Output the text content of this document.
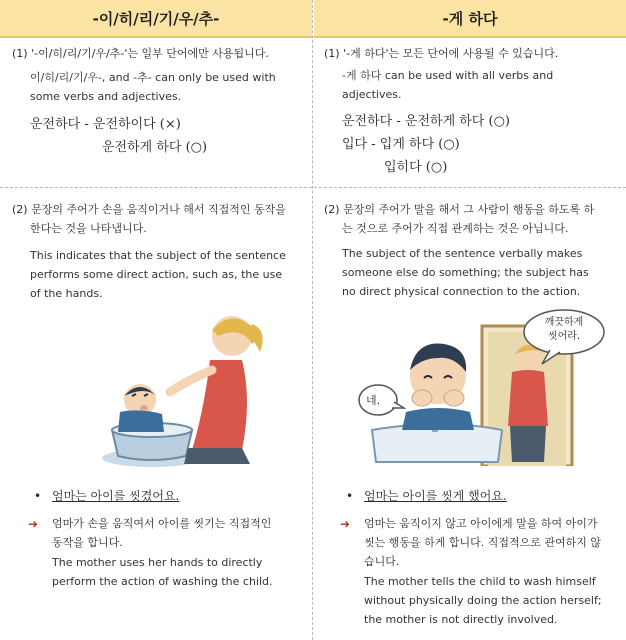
-이/히/리/기/우/추-	-게 하다
(1) '-이/히/리/기/우/추-'는 일부 단어에만 사용됩니다.
이/히/리/기/우-, and -추- can only be used with
some verbs and adjectives.
운전하다 - 운전하이다 (×)
운전하게 하다 (○)
(1) '-게 하다'는 모든 단어에 사용될 수 있습니다.
-게 하다 can be used with all verbs and
adjectives.
운전하다 - 운전하게 하다 (○)
입다 - 입게 하다 (○)
입히다 (○)
(2) 문장의 주어가 손을 움직이거나 해서 직접적인 동작을
한다는 것을 나타냅니다.
This indicates that the subject of the sentence
performs some direct action, such as, the use
of the hands.
• 엄마는 아이를 씻겼어요.
➜ 엄마가 손을 움직여서 아이를 씻기는 직접적인
동작을 합니다.
The mother uses her hands to directly
perform the action of washing the child.
(2) 문장의 주어가 말을 해서 그 사람이 행동을 하도록 하
는 것으로 주어가 직접 관계하는 것은 아닙니다.
The subject of the sentence verbally makes
someone else do something; the subject has
no direct physical connection to the action.
깨끗하게
씻어라.
네.
• 엄마는 아이를 씻게 했어요.
➜ 엄마는 움직이지 않고 아이에게 말을 하여 아이가
씻는 행동을 하게 합니다. 직접적으로 관여하지 않
습니다.
The mother tells the child to wash himself
without physically doing the action herself;
the mother is not directly involved.
